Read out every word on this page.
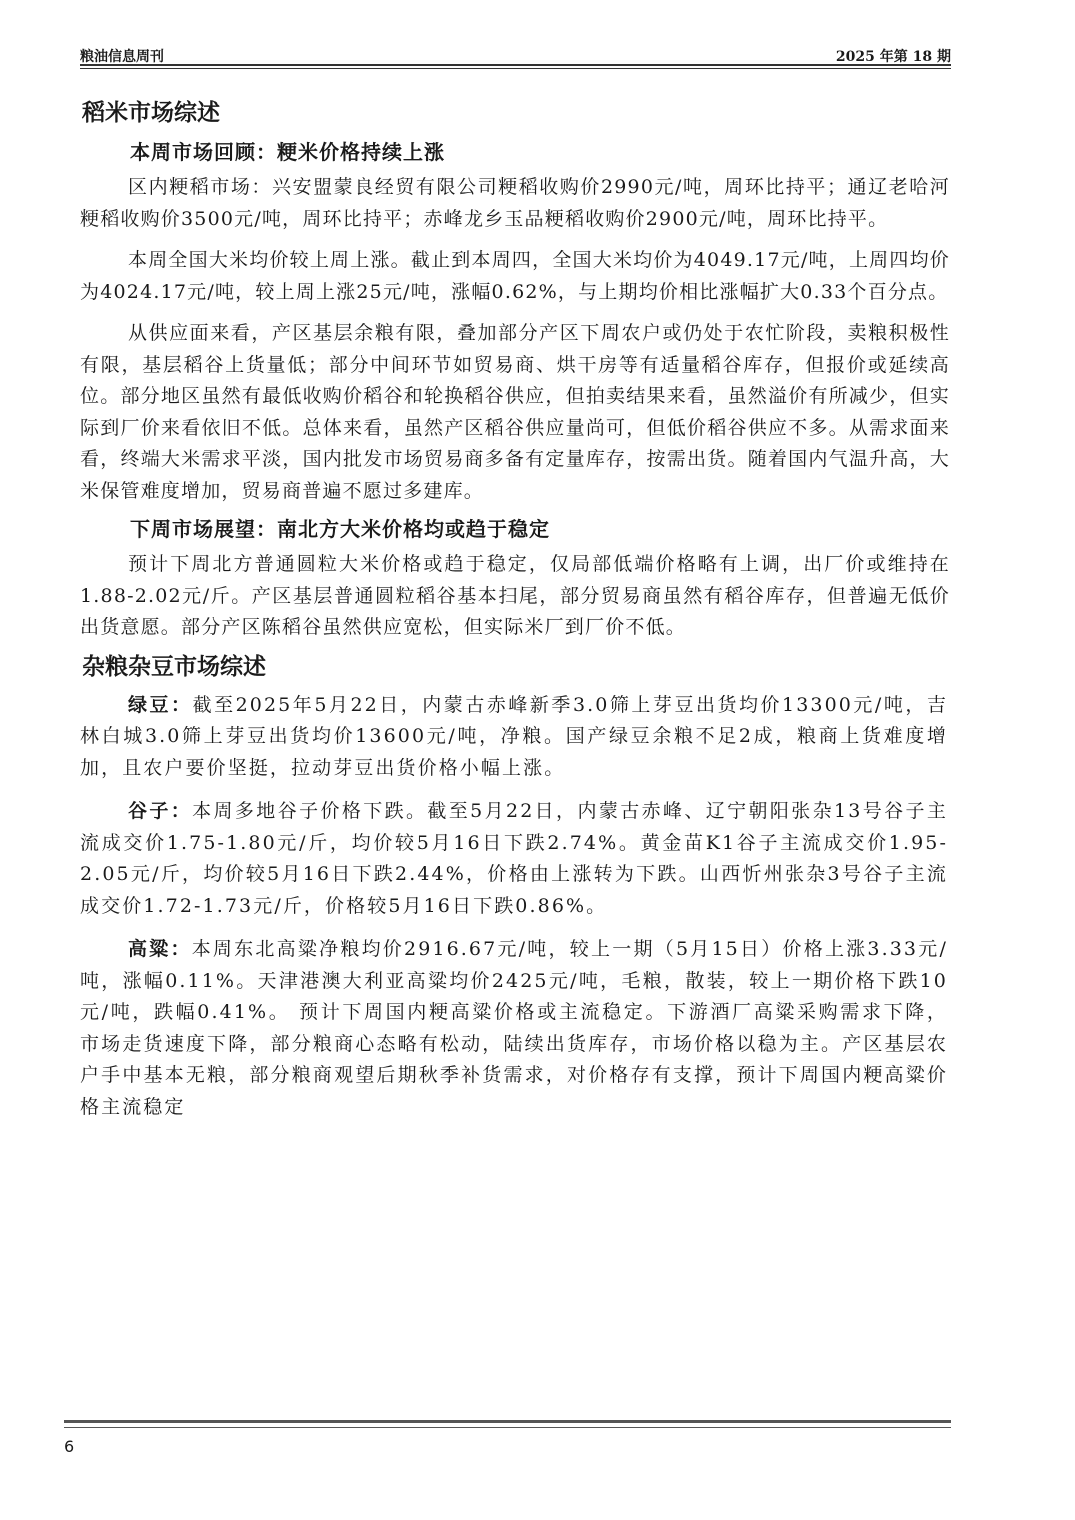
粮油信息周刊	2025 年第 18 期
稻米市场综述
本周市场回顾：粳米价格持续上涨

区内粳稻市场：兴安盟蒙良经贸有限公司粳稻收购价2990元/吨，周环比持平；通辽老哈河粳稻收购价3500元/吨，周环比持平；赤峰龙乡玉品粳稻收购价2900元/吨，周环比持平。

本周全国大米均价较上周上涨。截止到本周四，全国大米均价为4049.17元/吨，上周四均价为4024.17元/吨，较上周上涨25元/吨，涨幅0.62%，与上期均价相比涨幅扩大0.33个百分点。

从供应面来看，产区基层余粮有限，叠加部分产区下周农户或仍处于农忙阶段，卖粮积极性有限，基层稻谷上货量低；部分中间环节如贸易商、烘干房等有适量稻谷库存，但报价或延续高位。部分地区虽然有最低收购价稻谷和轮换稻谷供应，但拍卖结果来看，虽然溢价有所减少，但实际到厂价来看依旧不低。总体来看，虽然产区稻谷供应量尚可，但低价稻谷供应不多。从需求面来看，终端大米需求平淡，国内批发市场贸易商多备有定量库存，按需出货。随着国内气温升高，大米保管难度增加，贸易商普遍不愿过多建库。

下周市场展望：南北方大米价格均或趋于稳定

预计下周北方普通圆粒大米价格或趋于稳定，仅局部低端价格略有上调，出厂价或维持在1.88-2.02元/斤。产区基层普通圆粒稻谷基本扫尾，部分贸易商虽然有稻谷库存，但普遍无低价出货意愿。部分产区陈稻谷虽然供应宽松，但实际米厂到厂价不低。

杂粮杂豆市场综述

绿豆：截至2025年5月22日，内蒙古赤峰新季3.0筛上芽豆出货均价13300元/吨，吉林白城3.0筛上芽豆出货均价13600元/吨，净粮。国产绿豆余粮不足2成，粮商上货难度增加，且农户要价坚挺，拉动芽豆出货价格小幅上涨。

谷子：本周多地谷子价格下跌。截至5月22日，内蒙古赤峰、辽宁朝阳张杂13号谷子主流成交价1.75-1.80元/斤，均价较5月16日下跌2.74%。黄金苗K1谷子主流成交价1.95-2.05元/斤，均价较5月16日下跌2.44%，价格由上涨转为下跌。山西忻州张杂3号谷子主流成交价1.72-1.73元/斤，价格较5月16日下跌0.86%。

高粱：本周东北高粱净粮均价2916.67元/吨，较上一期（5月15日）价格上涨3.33元/吨，涨幅0.11%。天津港澳大利亚高粱均价2425元/吨，毛粮，散装，较上一期价格下跌10元/吨，跌幅0.41%。 预计下周国内粳高粱价格或主流稳定。下游酒厂高粱采购需求下降，市场走货速度下降，部分粮商心态略有松动，陆续出货库存，市场价格以稳为主。产区基层农户手中基本无粮，部分粮商观望后期秋季补货需求，对价格存有支撑，预计下周国内粳高粱价格主流稳定

6
